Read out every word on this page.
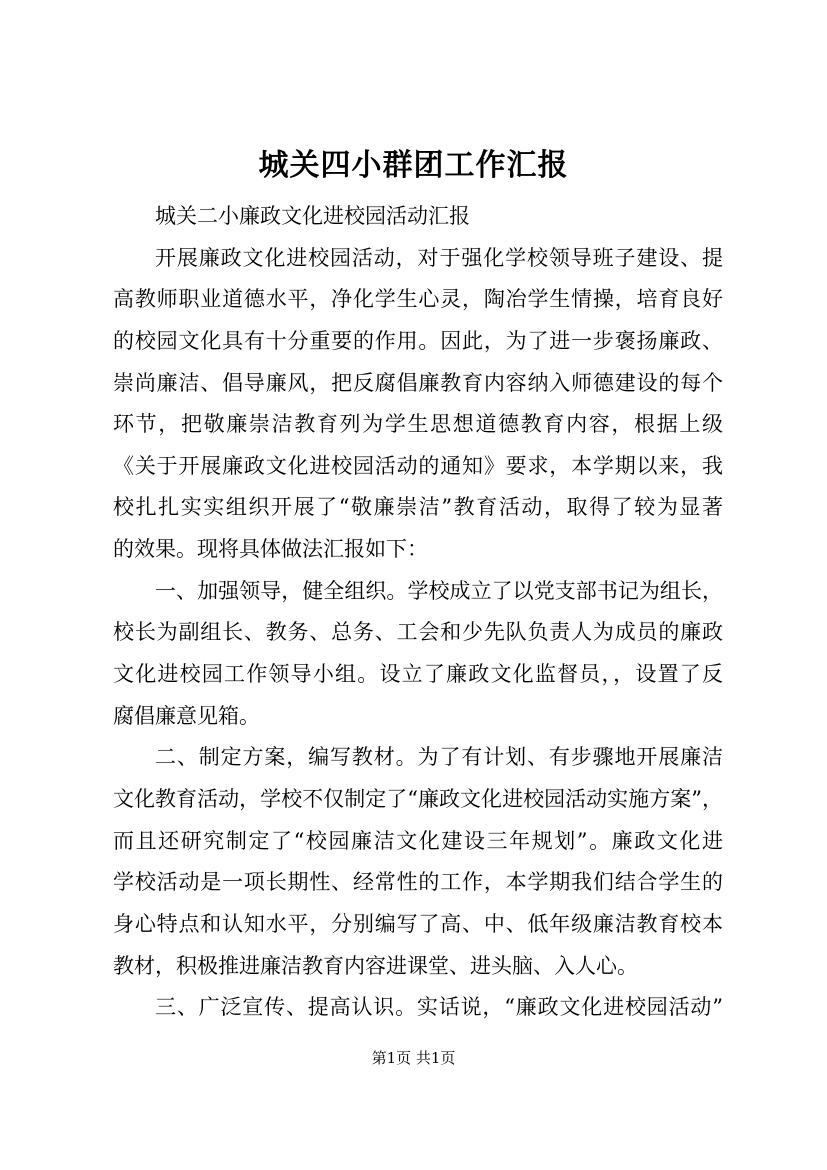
城关四小群团工作汇报
城关二小廉政文化进校园活动汇报
开展廉政文化进校园活动，对于强化学校领导班子建设、提
高教师职业道德水平，净化学生心灵，陶冶学生情操，培育良好
的校园文化具有十分重要的作用。因此，为了进一步褒扬廉政、
崇尚廉洁、倡导廉风，把反腐倡廉教育内容纳入师德建设的每个
环节，把敬廉崇洁教育列为学生思想道德教育内容，根据上级
《关于开展廉政文化进校园活动的通知》要求，本学期以来，我
校扎扎实实组织开展了“敬廉崇洁”教育活动，取得了较为显著
的效果。现将具体做法汇报如下：
一、加强领导，健全组织。学校成立了以党支部书记为组长，
校长为副组长、教务、总务、工会和少先队负责人为成员的廉政
文化进校园工作领导小组。设立了廉政文化监督员，，设置了反
腐倡廉意见箱。
二、制定方案，编写教材。为了有计划、有步骤地开展廉洁
文化教育活动，学校不仅制定了“廉政文化进校园活动实施方案”，
而且还研究制定了“校园廉洁文化建设三年规划”。廉政文化进
学校活动是一项长期性、经常性的工作，本学期我们结合学生的
身心特点和认知水平，分别编写了高、中、低年级廉洁教育校本
教材，积极推进廉洁教育内容进课堂、进头脑、入人心。
三、广泛宣传、提高认识。实话说，“廉政文化进校园活动”
第1页 共1页
